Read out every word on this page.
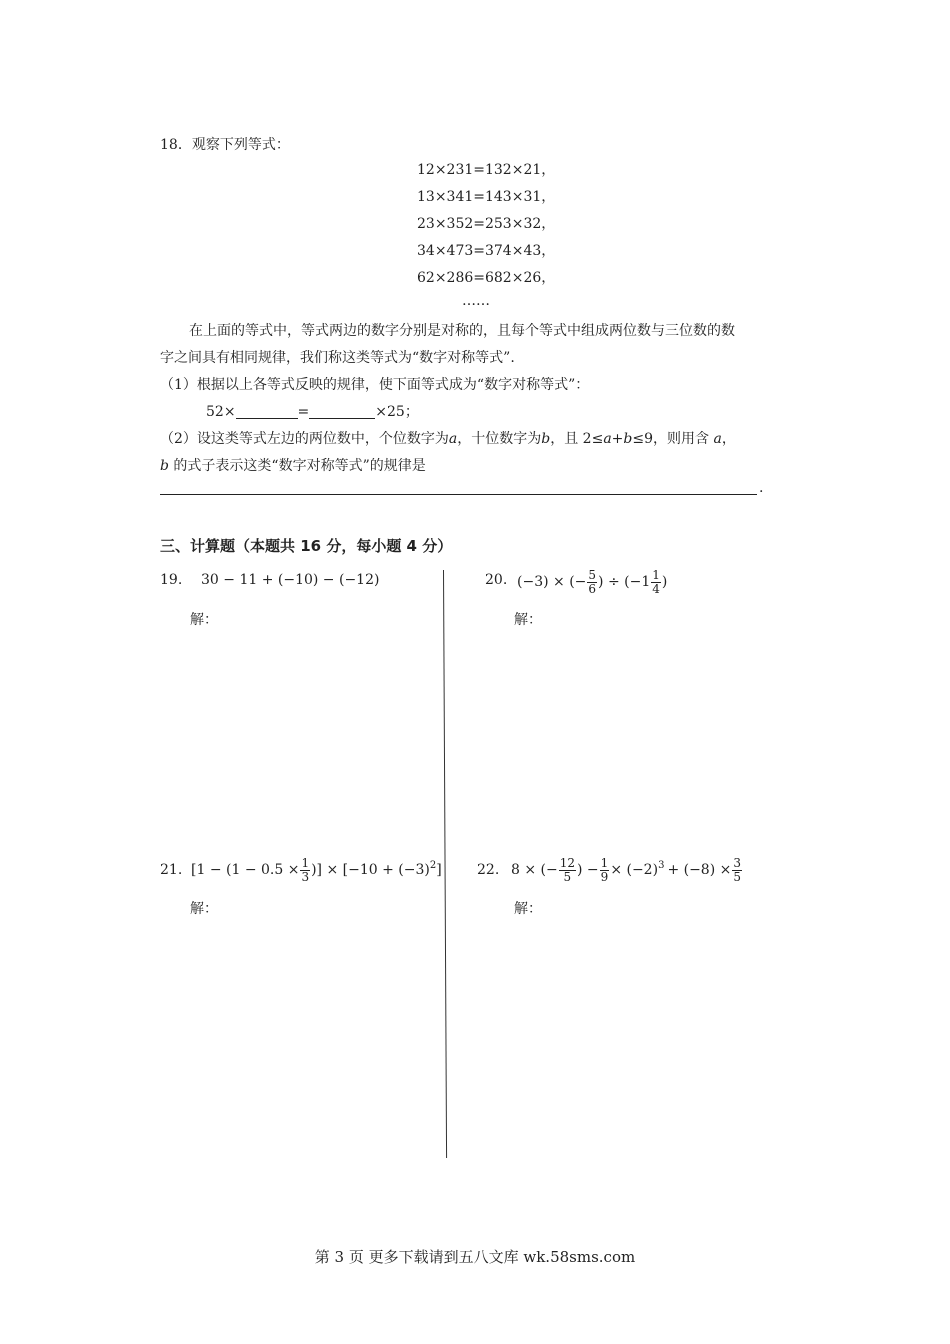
18．观察下列等式：
12×231=132×21，
13×341=143×31，
23×352=253×32，
34×473=374×43，
62×286=682×26，
……
在上面的等式中，等式两边的数字分别是对称的，且每个等式中组成两位数与三位数的数
字之间具有相同规律，我们称这类等式为“数字对称等式”.
（1）根据以上各等式反映的规律，使下面等式成为“数字对称等式”：
52×	=	×25；
（2）设这类等式左边的两位数中，个位数字为a，十位数字为b，且 2≤a+b≤9，则用含 a，
b 的式子表示这类“数字对称等式”的规律是
.
三、计算题（本题共 16 分，每小题 4 分）
19. 30 − 11 + (−10) − (−12)
解：
20. (−3) × (− $\frac{5}{6}$ ) ÷ ($-1 \frac{1}{4}$ )
解：
21. [$1 - (1 - 0.5 \times \frac{1}{3}$ )] × [$-10 + (-3)^2$ ]
解：
22. 8 × (− $\frac{12}{5}$ ) − $\frac{1}{9} \times (-2)^3 + (-8) \times \frac{3}{5}$
解：
第 3 页 更多下载请到五八文库 wk.58sms.com
